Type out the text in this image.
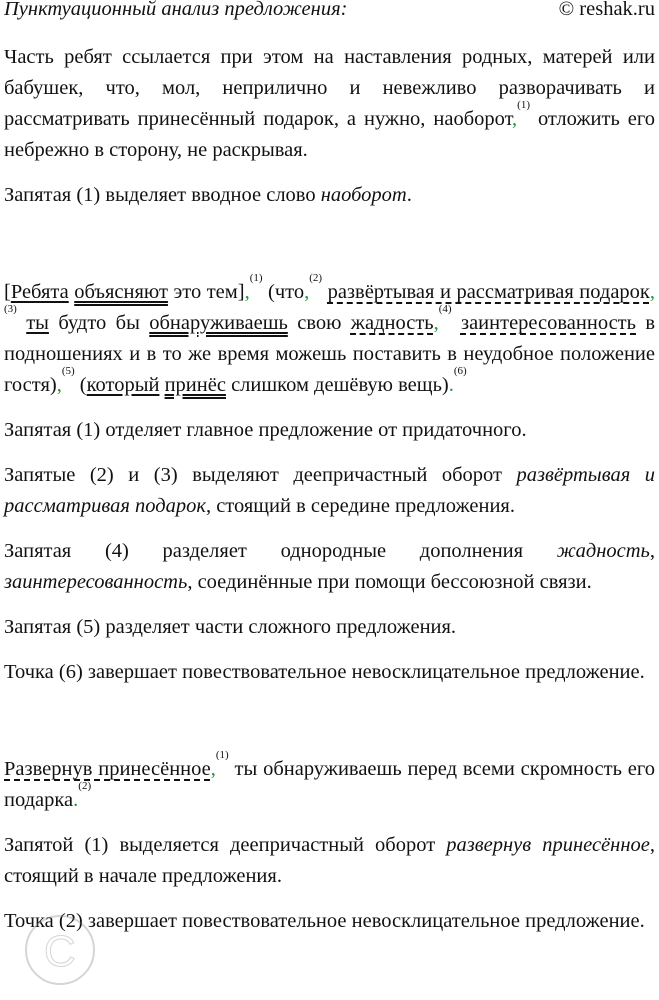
Пунктуационный анализ предложения:	© reshak.ru

Часть ребят ссылается при этом на наставления родных, матерей или бабушек, что, мол, неприлично и невежливо разворачивать и рассматривать принесённый подарок, а нужно, наоборот,$^{(1)}$ отложить его небрежно в сторону, не раскрывая.

Запятая (1) выделяет вводное слово наоборот.

[Ребята объясняют это тем],$^{(1)}$ (что,$^{(2)}$ развёртывая и рассматривая подарок,$^{(3)}$ ты будто бы обнаруживаешь свою жадность,$^{(4)}$ заинтересованность в подношениях и в то же время можешь поставить в неудобное положение гостя),$^{(5)}$ (который принёс слишком дешёвую вещь).$^{(6)}$

Запятая (1) отделяет главное предложение от придаточного.

Запятые (2) и (3) выделяют деепричастный оборот развёртывая и рассматривая подарок, стоящий в середине предложения.

Запятая (4) разделяет однородные дополнения жадность, заинтересованность, соединённые при помощи бессоюзной связи.

Запятая (5) разделяет части сложного предложения.

Точка (6) завершает повествовательное невосклицательное предложение.

Развернув принесённое,$^{(1)}$ ты обнаруживаешь перед всеми скромность его подарка.$^{(2)}$

Запятой (1) выделяется деепричастный оборот развернув принесённое, стоящий в начале предложения.

Точка (2) завершает повествовательное невосклицательное предложение.

C
